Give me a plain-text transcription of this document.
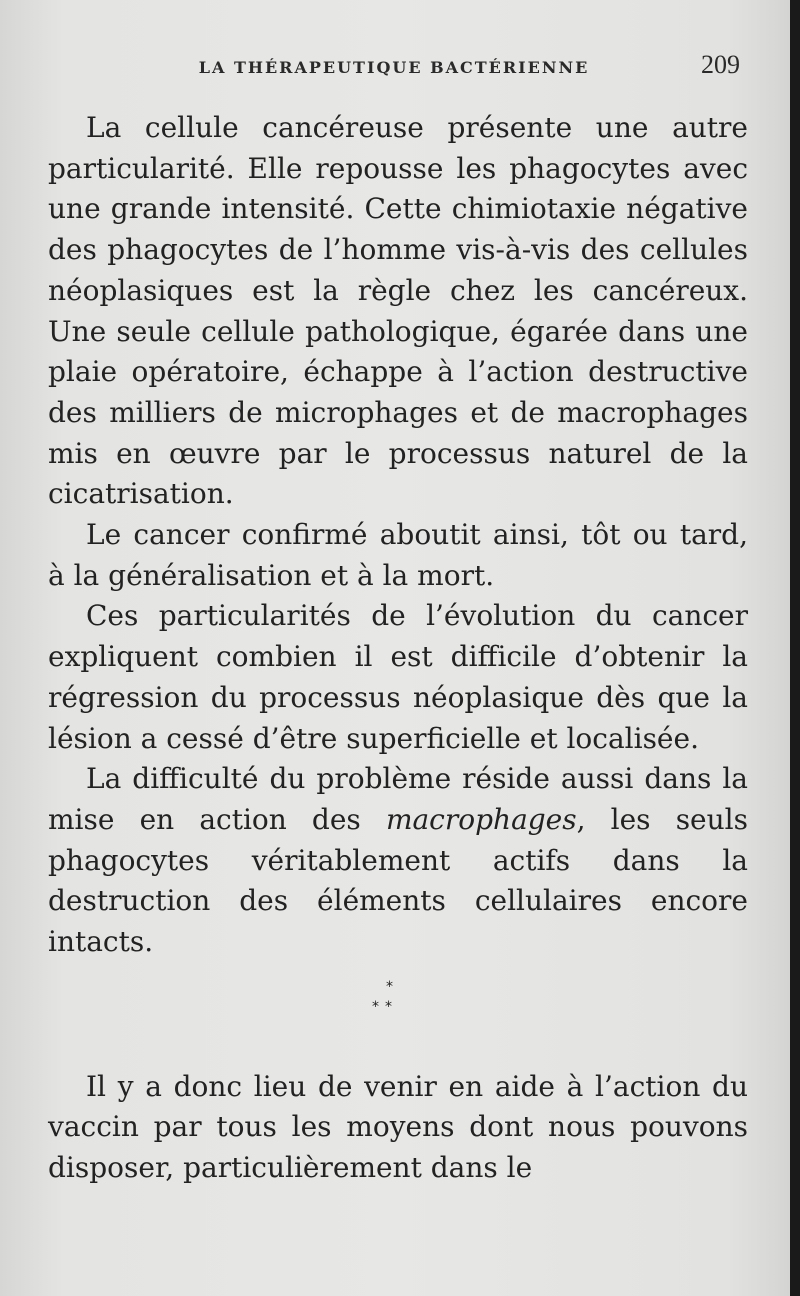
LA THÉRAPEUTIQUE BACTÉRIENNE	209

La cellule cancéreuse présente une autre particularité. Elle repousse les phagocytes avec une grande intensité. Cette chimiotaxie négative des phagocytes de l’homme vis-à-vis des cellules néoplasiques est la règle chez les cancéreux. Une seule cellule pathologique, égarée dans une plaie opératoire, échappe à l’action destructive des milliers de microphages et de macrophages mis en œuvre par le processus naturel de la cicatrisation.

Le cancer confirmé aboutit ainsi, tôt ou tard, à la généralisation et à la mort.

Ces particularités de l’évolution du cancer expliquent combien il est difficile d’obtenir la régression du processus néoplasique dès que la lésion a cessé d’être superficielle et localisée.

La difficulté du problème réside aussi dans la mise en action des macrophages, les seuls phagocytes véritablement actifs dans la destruction des éléments cellulaires encore intacts.

*
**

Il y a donc lieu de venir en aide à l’action du vaccin par tous les moyens dont nous pouvons disposer, particulièrement dans le
